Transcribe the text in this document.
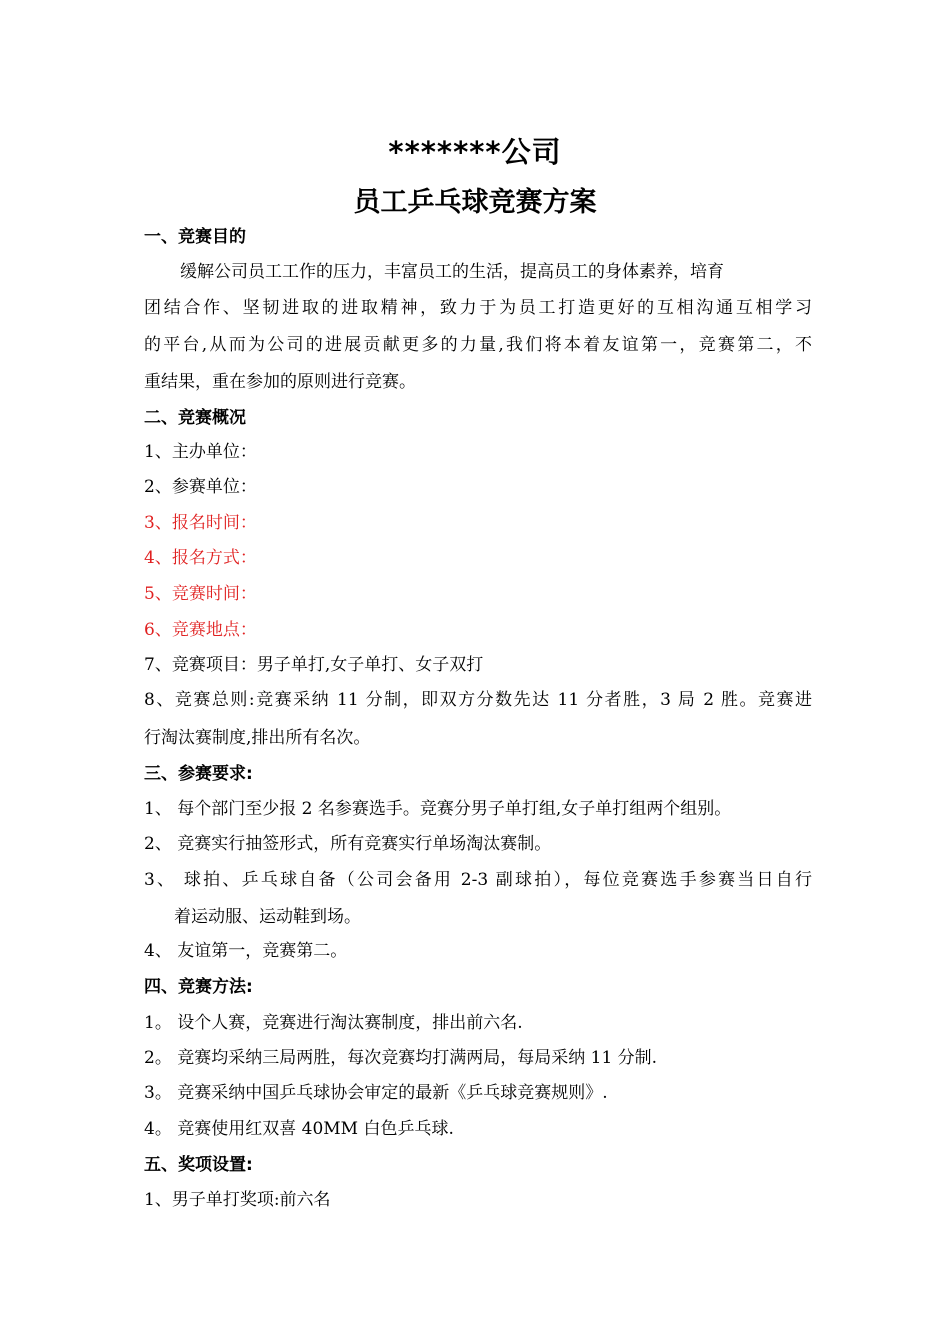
*******公司
员工乒乓球竞赛方案
一、竞赛目的
缓解公司员工工作的压力，丰富员工的生活，提高员工的身体素养，培育
团结合作、坚韧进取的进取精神，致力于为员工打造更好的互相沟通互相学习
的平台,从而为公司的进展贡献更多的力量,我们将本着友谊第一，竞赛第二，不
重结果，重在参加的原则进行竞赛。
二、竞赛概况
1、主办单位：
2、参赛单位：
3、报名时间：
4、报名方式：
5、竞赛时间：
6、竞赛地点：
7、竞赛项目：男子单打,女子单打、女子双打
8、竞赛总则:竞赛采纳 11 分制，即双方分数先达 11 分者胜，3 局 2 胜。竞赛进
行淘汰赛制度,排出所有名次。
三、参赛要求:
1、 每个部门至少报 2 名参赛选手。竞赛分男子单打组,女子单打组两个组别。
2、 竞赛实行抽签形式，所有竞赛实行单场淘汰赛制。
3、 球拍、乒乓球自备（公司会备用 2-3 副球拍），每位竞赛选手参赛当日自行
着运动服、运动鞋到场。
4、 友谊第一，竞赛第二。
四、竞赛方法:
1。 设个人赛，竞赛进行淘汰赛制度，排出前六名.
2。 竞赛均采纳三局两胜，每次竞赛均打满两局，每局采纳 11 分制.
3。 竞赛采纳中国乒乓球协会审定的最新《乒乓球竞赛规则》.
4。 竞赛使用红双喜 40MM 白色乒乓球.
五、奖项设置:
1、男子单打奖项:前六名
